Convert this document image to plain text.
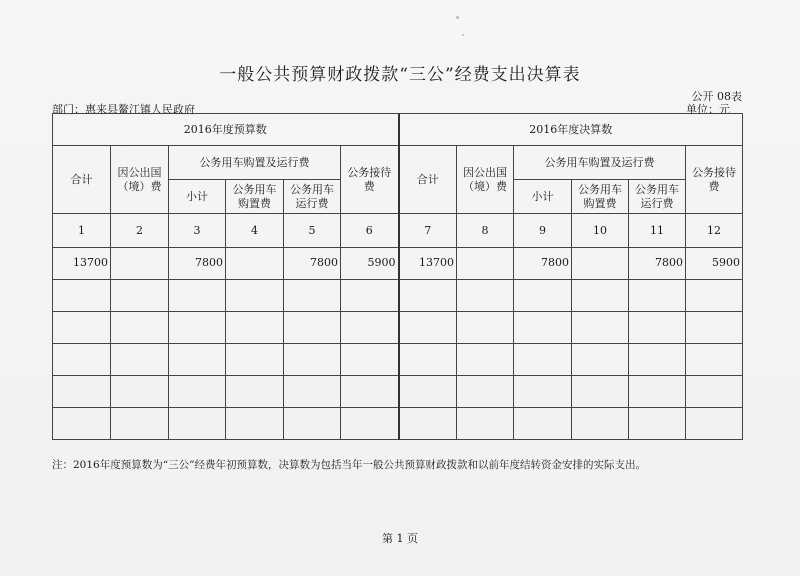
一般公共预算财政拨款“三公”经费支出决算表
公开 08表
单位：元
部门：惠来县鳌江镇人民政府
2016年度预算数						2016年度决算数					
合计	因公出国（境）费	公务用车购置及运行费			公务接待费	合计	因公出国（境）费	公务用车购置及运行费			公务接待费
		小计	公务用车购置费	公务用车运行费				小计	公务用车购置费	公务用车运行费	
1	2	3	4	5	6	7	8	9	10	11	12
13700		7800		7800	5900	13700		7800		7800	5900

注：2016年度预算数为“三公”经费年初预算数，决算数为包括当年一般公共预算财政拨款和以前年度结转资金安排的实际支出。
第 1 页
